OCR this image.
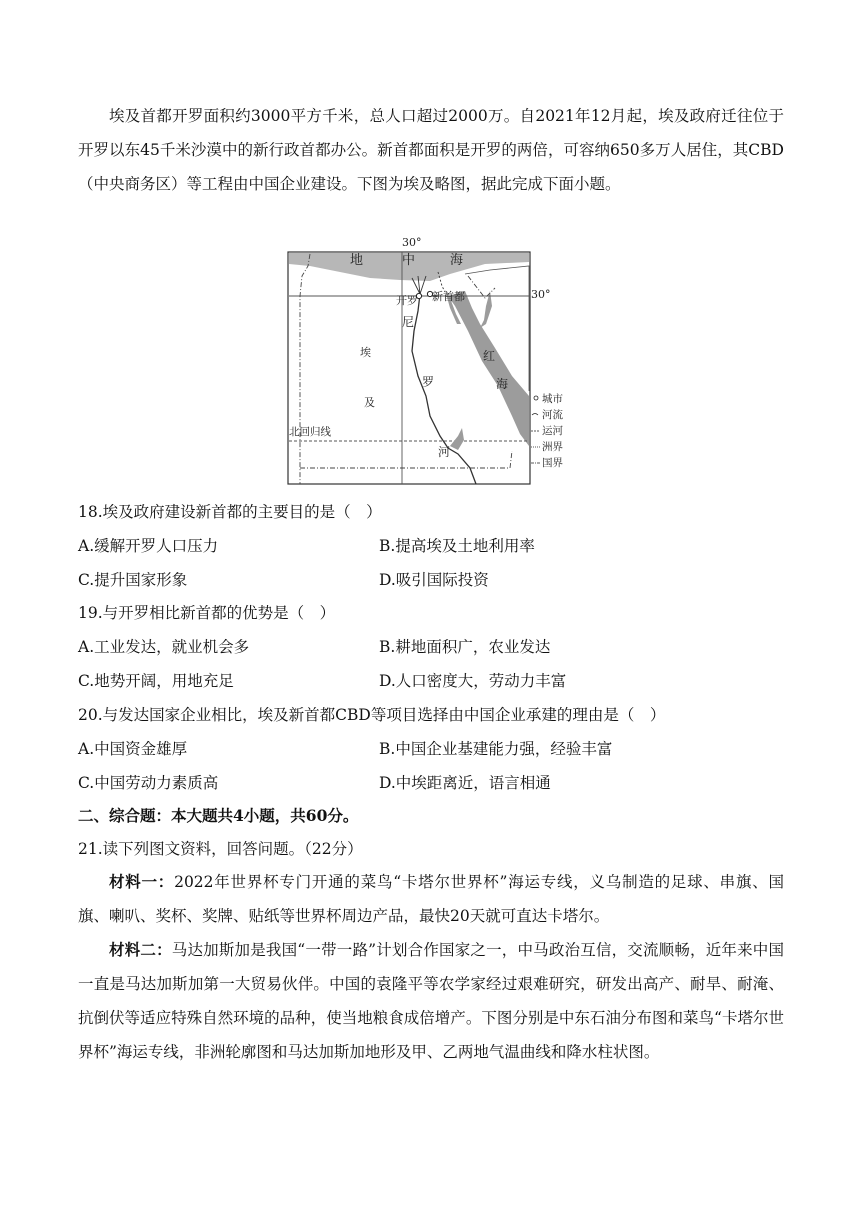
埃及首都开罗面积约3000平方千米，总人口超过2000万。自2021年12月起，埃及政府迁往位于开罗以东45千米沙漠中的新行政首都办公。新首都面积是开罗的两倍，可容纳650多万人居住，其CBD（中央商务区）等工程由中国企业建设。下图为埃及略图，据此完成下面小题。

30°
30°
地	中	海
开罗 新首都
尼
罗
河
埃
及
红
海
北回归线
城市
河流
运河
洲界
国界
18.埃及政府建设新首都的主要目的是（　）
A.缓解开罗人口压力	B.提高埃及土地利用率
C.提升国家形象	D.吸引国际投资
19.与开罗相比新首都的优势是（　）
A.工业发达，就业机会多	B.耕地面积广，农业发达
C.地势开阔，用地充足	D.人口密度大，劳动力丰富
20.与发达国家企业相比，埃及新首都CBD等项目选择由中国企业承建的理由是（　）
A.中国资金雄厚	B.中国企业基建能力强，经验丰富
C.中国劳动力素质高	D.中埃距离近，语言相通
二、综合题：本大题共4小题，共60分。
21.读下列图文资料，回答问题。（22分）

材料一：2022年世界杯专门开通的菜鸟“卡塔尔世界杯”海运专线，义乌制造的足球、串旗、国旗、喇叭、奖杯、奖牌、贴纸等世界杯周边产品，最快20天就可直达卡塔尔。

材料二：马达加斯加是我国“一带一路”计划合作国家之一，中马政治互信，交流顺畅，近年来中国一直是马达加斯加第一大贸易伙伴。中国的袁隆平等农学家经过艰难研究，研发出高产、耐旱、耐淹、抗倒伏等适应特殊自然环境的品种，使当地粮食成倍增产。下图分别是中东石油分布图和菜鸟“卡塔尔世界杯”海运专线，非洲轮廓图和马达加斯加地形及甲、乙两地气温曲线和降水柱状图。
